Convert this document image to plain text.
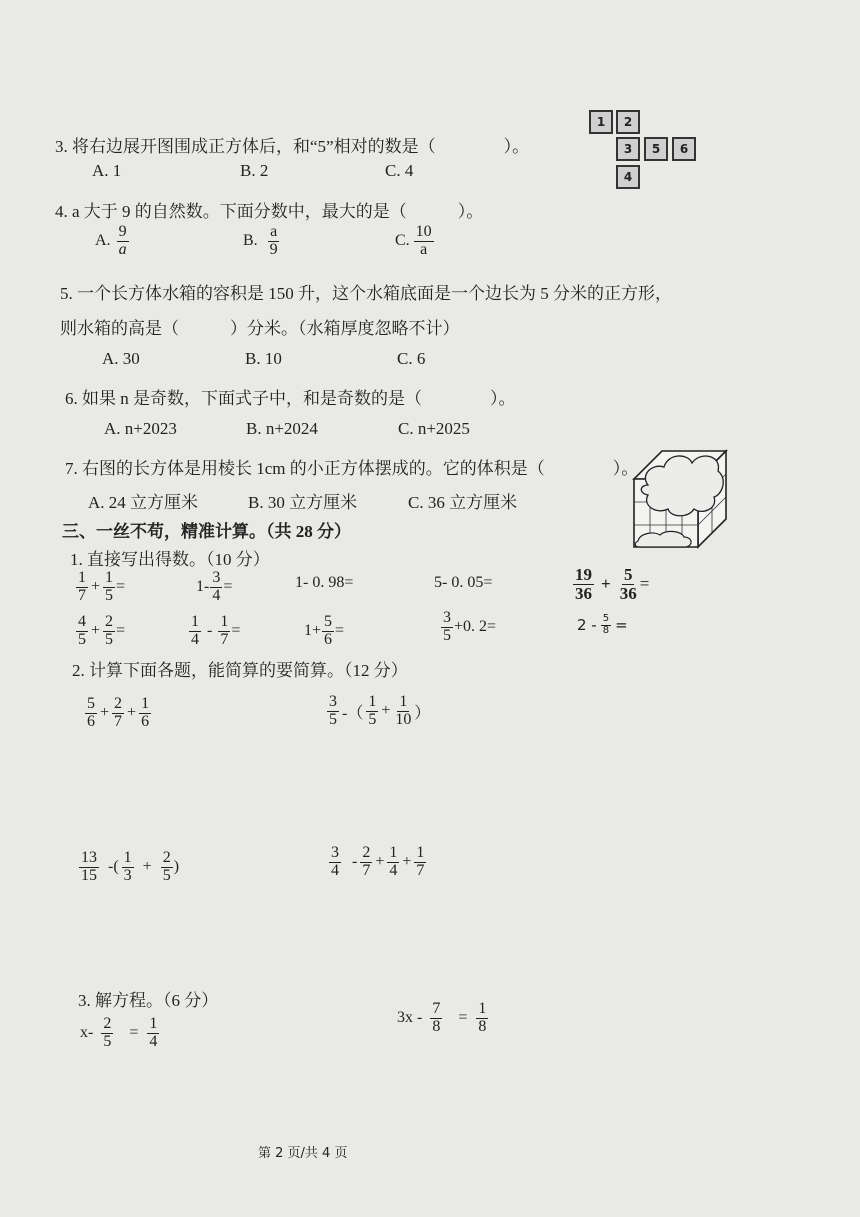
3. 将右边展开图围成正方体后，和“5”相对的数是（　　　　）。
A. 1	B. 2	C. 4
1	2
3	5	6
4
4. a 大于 9 的自然数。下面分数中，最大的是（　　　）。
A. $\frac{9}{a}$	B. $\frac{a}{9}$	C. $\frac{10}{a}$
5. 一个长方体水箱的容积是 150 升，这个水箱底面是一个边长为 5 分米的正方形，
则水箱的高是（　　　）分米。（水箱厚度忽略不计）
A. 30	B. 10	C. 6
6. 如果 n 是奇数，下面式子中，和是奇数的是（　　　　）。
A. n+2023	B. n+2024	C. n+2025
7. 右图的长方体是用棱长 1cm 的小正方体摆成的。它的体积是（　　　　）。
A. 24 立方厘米	B. 30 立方厘米	C. 36 立方厘米
三、一丝不苟，精准计算。（共 28 分）
1. 直接写出得数。（10 分）
$\frac{1}{7} + \frac{1}{5}$ =	$1- \frac{3}{4}$ =	1- 0. 98=	5- 0. 05=	$\frac{19}{36} + \frac{5}{36}$ =
$\frac{4}{5} + \frac{2}{5}$ =	$\frac{1}{4} - \frac{1}{7}$ =	$1+ \frac{5}{6}$ =	$\frac{3}{5} +0$. 2=	$2 - \frac{5}{8}$ =
2. 计算下面各题，能简算的要简算。（12 分）
$\frac{5}{6} + \frac{2}{7} + \frac{1}{6}$	$\frac{3}{5}$ -（ $\frac{1}{5} + \frac{1}{10}$ ）
$\frac{13}{15}$ -( $\frac{1}{3} + \frac{2}{5}$ )	$\frac{3}{4} - \frac{2}{7} + \frac{1}{4} + \frac{1}{7}$
3. 解方程。（6 分）
$x- \frac{2}{5} = \frac{1}{4}$	$3x - \frac{7}{8} = \frac{1}{8}$
第 2 页/共 4 页
